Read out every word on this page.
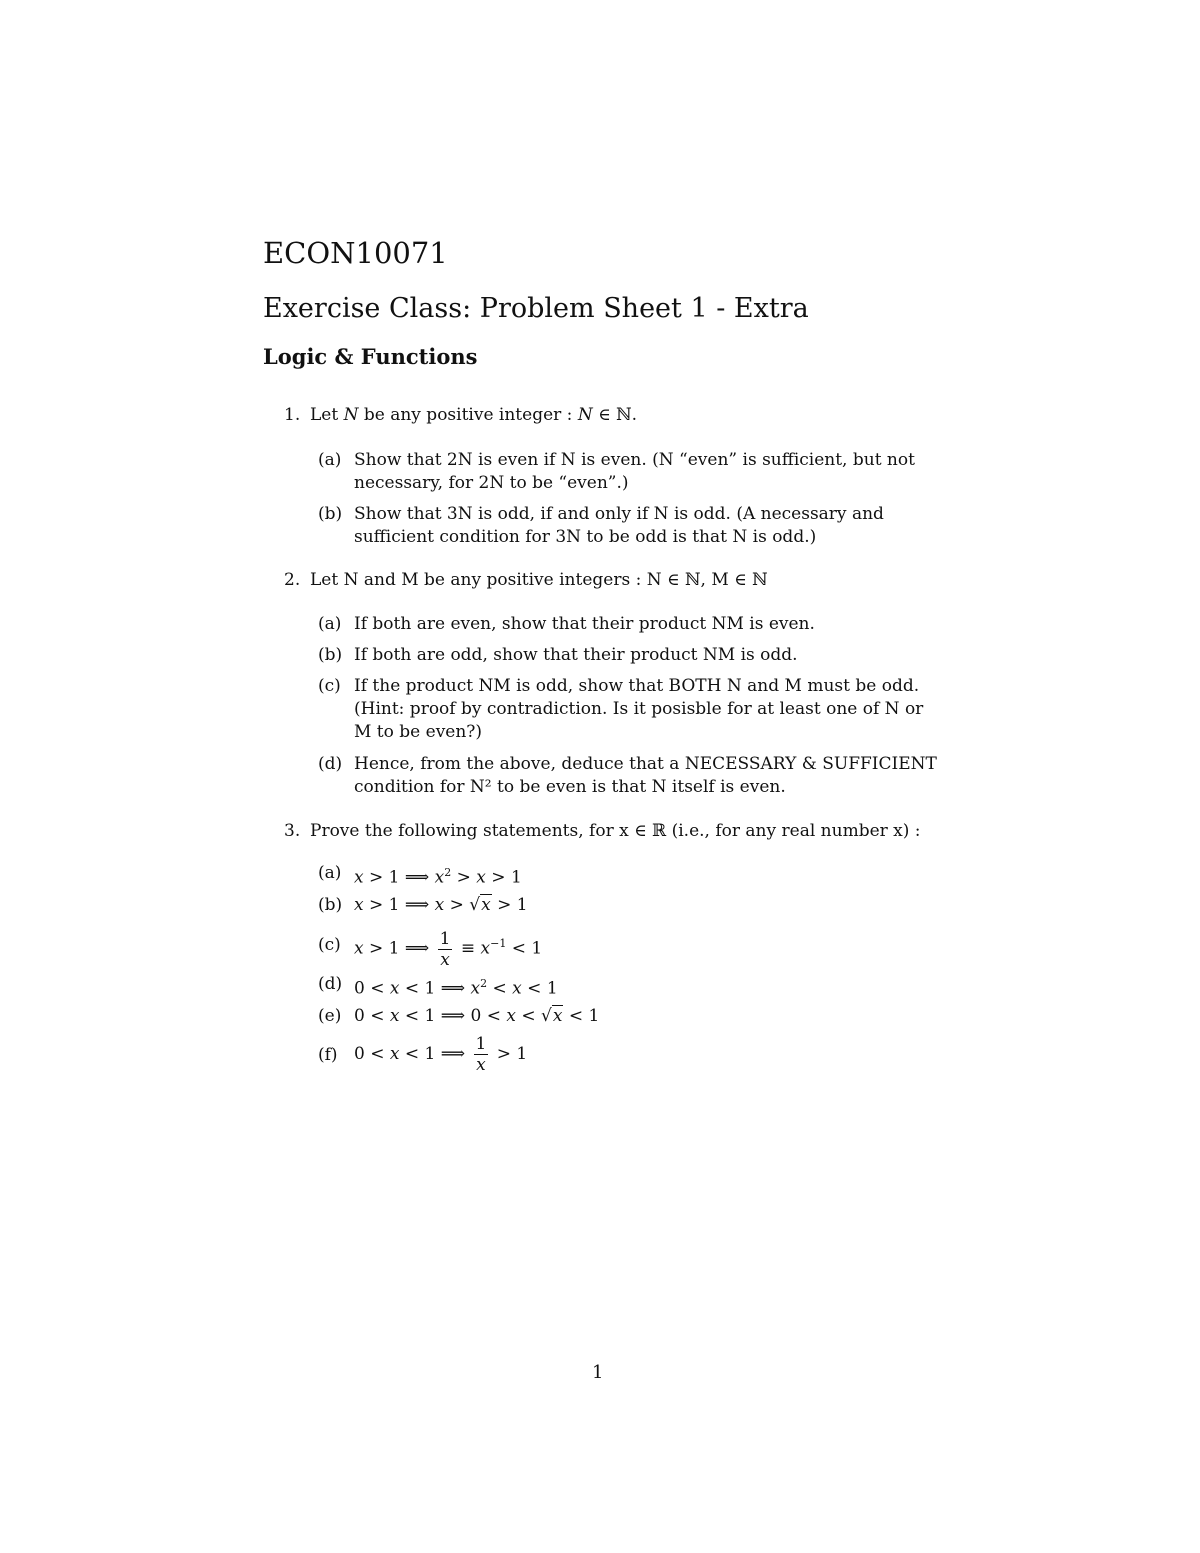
ECON10071
Exercise Class: Problem Sheet 1 - Extra
Logic & Functions
1. Let N be any positive integer : N ∈ ℕ.
(a) Show that 2N is even if N is even. (N “even” is sufficient, but not
necessary, for 2N to be “even”.)
(b) Show that 3N is odd, if and only if N is odd. (A necessary and
sufficient condition for 3N to be odd is that N is odd.)
2. Let N and M be any positive integers : N ∈ ℕ, M ∈ ℕ
(a) If both are even, show that their product NM is even.
(b) If both are odd, show that their product NM is odd.
(c) If the product NM is odd, show that BOTH N and M must be odd.
(Hint: proof by contradiction. Is it posisble for at least one of N or
M to be even?)
(d) Hence, from the above, deduce that a NECESSARY & SUFFICIENT
condition for N² to be even is that N itself is even.
3. Prove the following statements, for x ∈ ℝ (i.e., for any real number x) :
(a) x > 1 ⟹ $x^2 > x > 1$
(b) x > 1 ⟹ x > √x > 1
(c) x > 1 ⟹ $\frac{1}{x} \equiv x^{-1} < 1$
(d) 0 < x < 1 ⟹ $x^2 < x < 1$
(e) 0 < x < 1 ⟹ 0 < x < √x < 1
(f) 0 < x < 1 ⟹ $\frac{1}{x} > 1$
1
